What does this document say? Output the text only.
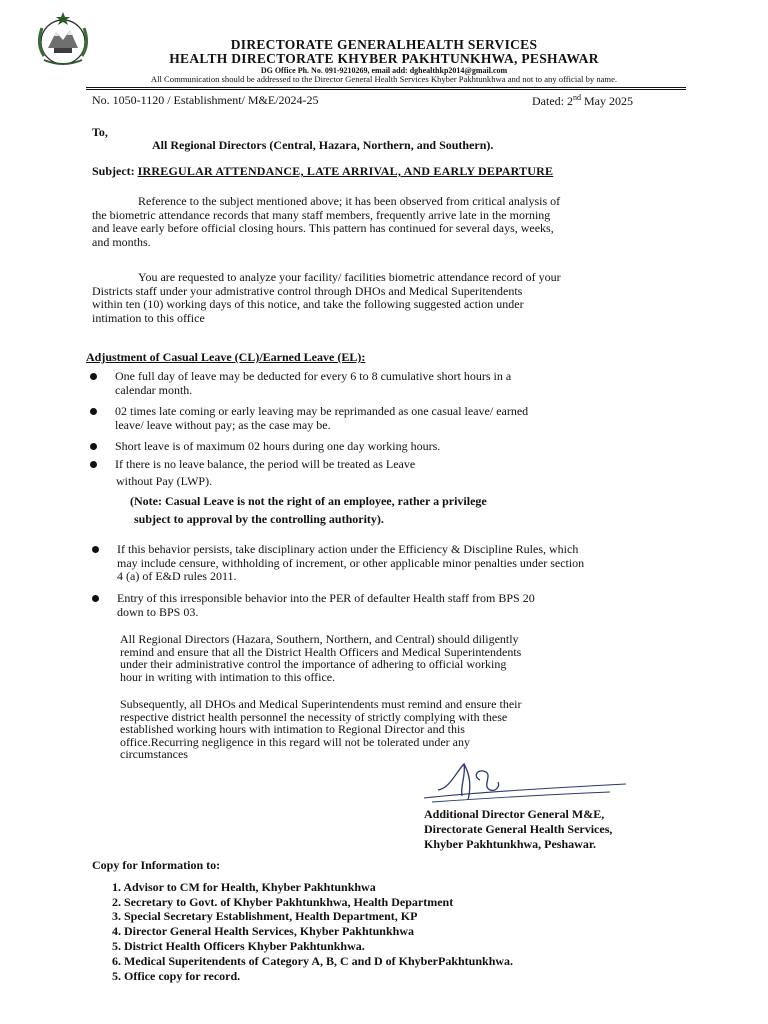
DIRECTORATE GENERALHEALTH SERVICES
HEALTH DIRECTORATE KHYBER PAKHTUNKHWA, PESHAWAR
DG Office Ph. No. 091-9210269, email add: dghealthkp2014@gmail.com
All Communication should be addressed to the Director General Health Services Khyber Pakhtunkhwa and not to any official by name.
No. 1050-1120 / Establishment/ M&E/2024-25	Dated: 2nd May 2025
To,
All Regional Directors (Central, Hazara, Northern, and Southern).
Subject: IRREGULAR ATTENDANCE, LATE ARRIVAL, AND EARLY DEPARTURE
Reference to the subject mentioned above; it has been observed from critical analysis of
the biometric attendance records that many staff members, frequently arrive late in the morning
and leave early before official closing hours. This pattern has continued for several days, weeks,
and months.
You are requested to analyze your facility/ facilities biometric attendance record of your
Districts staff under your admistrative control through DHOs and Medical Superitendents
within ten (10) working days of this notice, and take the following suggested action under
intimation to this office
Adjustment of Casual Leave (CL)/Earned Leave (EL):
One full day of leave may be deducted for every 6 to 8 cumulative short hours in a
calendar month.
02 times late coming or early leaving may be reprimanded as one casual leave/ earned
leave/ leave without pay; as the case may be.
Short leave is of maximum 02 hours during one day working hours.
If there is no leave balance, the period will be treated as Leave
without Pay (LWP).
(Note: Casual Leave is not the right of an employee, rather a privilege
subject to approval by the controlling authority).
If this behavior persists, take disciplinary action under the Efficiency & Discipline Rules, which
may include censure, withholding of increment, or other applicable minor penalties under section
4 (a) of E&D rules 2011.
Entry of this irresponsible behavior into the PER of defaulter Health staff from BPS 20
down to BPS 03.
All Regional Directors (Hazara, Southern, Northern, and Central) should diligently
remind and ensure that all the District Health Officers and Medical Superintendents
under their administrative control the importance of adhering to official working
hour in writing with intimation to this office.
Subsequently, all DHOs and Medical Superintendents must remind and ensure their
respective district health personnel the necessity of strictly complying with these
established working hours with intimation to Regional Director and this
office.Recurring negligence in this regard will not be tolerated under any
circumstances
Additional Director General M&E,
Directorate General Health Services,
Khyber Pakhtunkhwa, Peshawar.
Copy for Information to:
1. Advisor to CM for Health, Khyber Pakhtunkhwa
2. Secretary to Govt. of Khyber Pakhtunkhwa, Health Department
3. Special Secretary Establishment, Health Department, KP
4. Director General Health Services, Khyber Pakhtunkhwa
5. District Health Officers Khyber Pakhtunkhwa.
6. Medical Superitendents of Category A, B, C and D of KhyberPakhtunkhwa.
5. Office copy for record.
